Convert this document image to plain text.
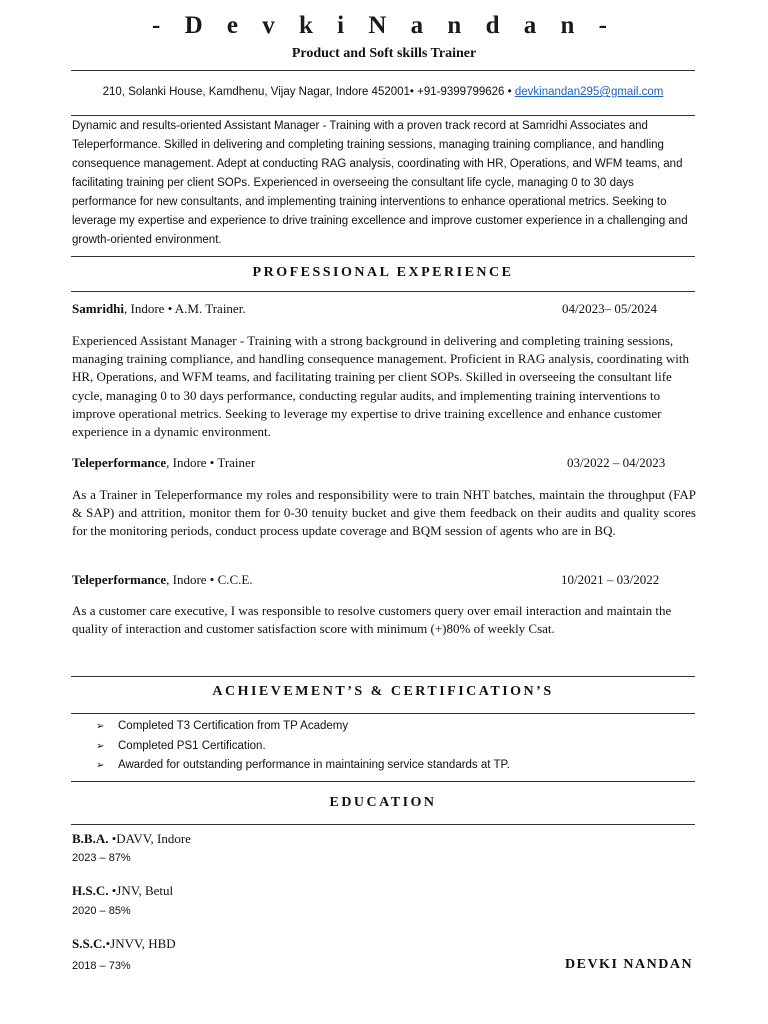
- D e v k i N a n d a n -
Product and Soft skills Trainer
210, Solanki House, Kamdhenu, Vijay Nagar, Indore 452001• +91-9399799626 • devkinandan295@gmail.com
Dynamic and results-oriented Assistant Manager - Training with a proven track record at Samridhi Associates and Teleperformance. Skilled in delivering and completing training sessions, managing training compliance, and handling consequence management. Adept at conducting RAG analysis, coordinating with HR, Operations, and WFM teams, and facilitating training per client SOPs. Experienced in overseeing the consultant life cycle, managing 0 to 30 days performance for new consultants, and implementing training interventions to enhance operational metrics. Seeking to leverage my expertise and experience to drive training excellence and improve customer experience in a challenging and growth-oriented environment.
PROFESSIONAL EXPERIENCE
Samridhi, Indore • A.M. Trainer.	04/2023– 05/2024
Experienced Assistant Manager - Training with a strong background in delivering and completing training sessions, managing training compliance, and handling consequence management. Proficient in RAG analysis, coordinating with HR, Operations, and WFM teams, and facilitating training per client SOPs. Skilled in overseeing the consultant life cycle, managing 0 to 30 days performance, conducting regular audits, and implementing training interventions to improve operational metrics. Seeking to leverage my expertise to drive training excellence and enhance customer experience in a dynamic environment.
Teleperformance, Indore • Trainer	03/2022 – 04/2023
As a Trainer in Teleperformance my roles and responsibility were to train NHT batches, maintain the throughput (FAP & SAP) and attrition, monitor them for 0-30 tenuity bucket and give them feedback on their audits and quality scores for the monitoring periods, conduct process update coverage and BQM session of agents who are in BQ.
Teleperformance, Indore • C.C.E.	10/2021 – 03/2022
As a customer care executive, I was responsible to resolve customers query over email interaction and maintain the quality of interaction and customer satisfaction score with minimum (+)80% of weekly Csat.
ACHIEVEMENT’S & CERTIFICATION’S
➢ Completed T3 Certification from TP Academy
➢ Completed PS1 Certification.
➢ Awarded for outstanding performance in maintaining service standards at TP.
EDUCATION
B.B.A. •DAVV, Indore
2023 – 87%
H.S.C. •JNV, Betul
2020 – 85%
S.S.C.•JNVV, HBD
2018 – 73%	DEVKI NANDAN
